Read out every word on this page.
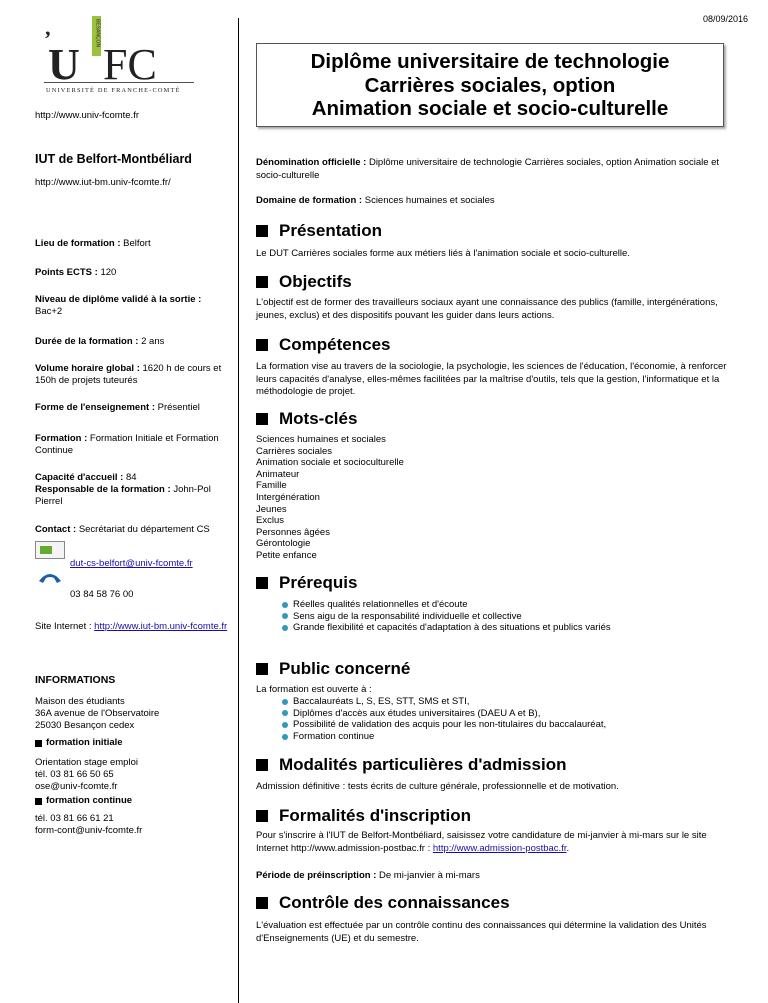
08/09/2016
BESANÇON
U
’
FC
UNIVERSITÉ DE FRANCHE-COMTÉ
http://www.univ-fcomte.fr
IUT de Belfort-Montbéliard
http://www.iut-bm.univ-fcomte.fr/
Lieu de formation : Belfort
Points ECTS : 120
Niveau de diplôme validé à la sortie :
Bac+2
Durée de la formation : 2 ans
Volume horaire global : 1620 h de cours et 150h de projets tuteurés
Forme de l'enseignement : Présentiel
Formation : Formation Initiale et Formation Continue
Capacité d'accueil : 84
Responsable de la formation : John-Pol Pierrel
Contact : Secrétariat du département CS
dut-cs-belfort@univ-fcomte.fr
03 84 58 76 00
Site Internet : http://www.iut-bm.univ-fcomte.fr
INFORMATIONS
Maison des étudiants
36A avenue de l'Observatoire
25030 Besançon cedex
formation initiale
Orientation stage emploi
tél. 03 81 66 50 65
ose@univ-fcomte.fr
formation continue
tél. 03 81 66 61 21
form-cont@univ-fcomte.fr
Diplôme universitaire de technologie
Carrières sociales, option
Animation sociale et socio-culturelle
Dénomination officielle : Diplôme universitaire de technologie Carrières sociales, option Animation sociale et socio-culturelle
Domaine de formation : Sciences humaines et sociales
Présentation
Le DUT Carrières sociales forme aux métiers liés à l'animation sociale et socio-culturelle.
Objectifs
L'objectif est de former des travailleurs sociaux ayant une connaissance des publics (famille, intergénérations, jeunes, exclus) et des dispositifs pouvant les guider dans leurs actions.
Compétences
La formation vise au travers de la sociologie, la psychologie, les sciences de l'éducation, l'économie, à renforcer leurs capacités d'analyse, elles-mêmes facilitées par la maîtrise d'outils, tels que la gestion, l'informatique et la méthodologie de projet.
Mots-clés
Sciences humaines et sociales
Carrières sociales
Animation sociale et socioculturelle
Animateur
Famille
Intergénération
Jeunes
Exclus
Personnes âgées
Gérontologie
Petite enfance
Prérequis
Réelles qualités relationnelles et d'écoute
Sens aigu de la responsabilité individuelle et collective
Grande flexibilité et capacités d'adaptation à des situations et publics variés
Public concerné
La formation est ouverte à :
Baccalauréats L, S, ES, STT, SMS et STI,
Diplômes d'accès aux études universitaires (DAEU A et B),
Possibilité de validation des acquis pour les non-titulaires du baccalauréat,
Formation continue
Modalités particulières d'admission
Admission définitive : tests écrits de culture générale, professionnelle et de motivation.
Formalités d'inscription
Pour s'inscrire à l'IUT de Belfort-Montbéliard, saisissez votre candidature de mi-janvier à mi-mars sur le site Internet http://www.admission-postbac.fr : http://www.admission-postbac.fr.
Période de préinscription : De mi-janvier à mi-mars
Contrôle des connaissances
L'évaluation est effectuée par un contrôle continu des connaissances qui détermine la validation des Unités d'Enseignements (UE) et du semestre.
